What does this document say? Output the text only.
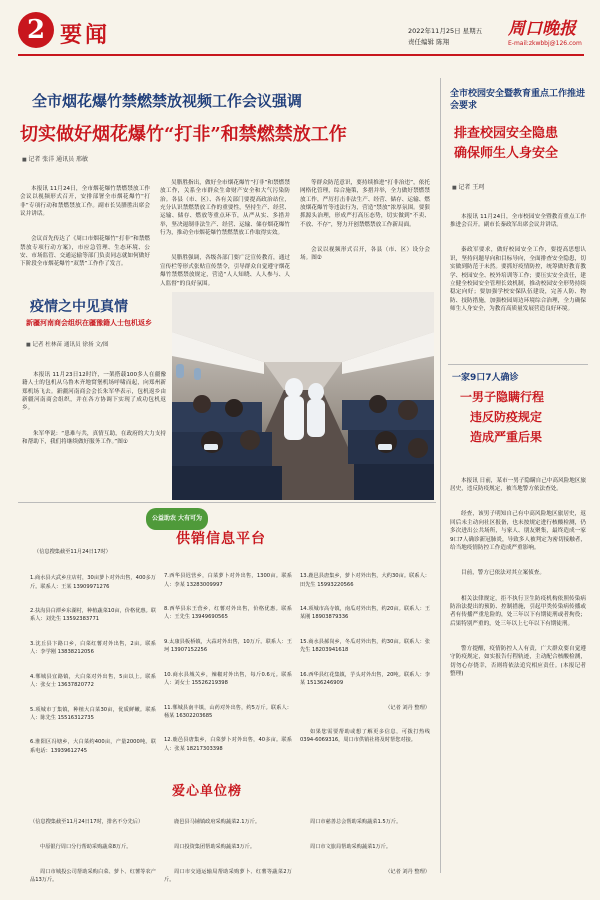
2 要闻	2022年11月25日 星期五
责任编辑 陈翔
周口晚报
E-mail:zkwbbj@126.com
全市烟花爆竹禁燃禁放视频工作会议强调
切实做好烟花爆竹“打非”和禁燃禁放工作
■ 记者 张洋 通讯员 邢敏

本报讯 11月24日，全市烟花爆竹禁燃禁放工作会议以视频形式召开，安排部署全市烟花爆竹“打非”专项行动和禁燃禁放工作。副市长吴腊胜出席会议并讲话。

会议首先传达了《周口市烟花爆竹“打非”和禁燃禁放专项行动方案》，市应急管理、生态环境、公安、市场监管、交通运输等部门负责同志就如何做好下阶段全市烟花爆竹“双禁”工作作了发言。

吴腊胜指出，做好全市烟花爆竹“打非”和禁燃禁放工作，关系全市群众生命财产安全和大气污染防治。各县（市、区）、各有关部门要提高政治站位，充分认识禁燃禁放工作的重要性，坚持生产、经营、运输、储存、燃放等重点环节，从严从实、多措并举，坚决遏制非法生产、经营、运输、储存烟花爆竹行为，推动全市烟花爆竹禁燃禁放工作取得实效。

吴腊胜强调，各级各部门要广泛宣传教育，通过宣传栏等形式张贴宣传禁令，引导群众自觉遵守烟花爆竹禁燃禁放规定，营造“人人知晓、人人参与、人人监督”的良好氛围。

等群众防范意识，要持续推进“打非治违”，依托网格化管理，综合施策，多措并举，全力做好禁燃禁放工作，严厉打击非法生产、经营、储存、运输、燃放烟花爆竹等违法行为，营造“禁放”浓厚氛围。要狠抓源头治理，形成严打高压态势，切实做到“不卖、不放、不存”，努力开创禁燃禁放工作新局面。

会议以视频形式召开，各县（市、区）设分会场。图②

全市校园安全暨教育重点工作推进会要求
排查校园安全隐患
确保师生人身安全
■ 记者 王珂

本报讯 11月24日，全市校园安全暨教育重点工作推进会召开。副市长秦政军出席会议并讲话。

秦政军要求，做好校园安全工作，要提高思想认识，坚持问题导向和目标导向，全面排查安全隐患，切实做到防范于未然。要抓好疫情防控，统筹做好教育教学、校园安全、校外培训等工作；要压实安全责任，建立健全校园安全管理长效机制，推动校园安全形势持续稳定向好；要加强学校安保队伍建设，完善人防、物防、技防措施，加强校园周边环境综合治理，全力确保师生人身安全，为教育高质量发展营造良好环境。

疫情之中见真情
新疆河南商会组织在疆豫籍人士包机返乡
■ 记者 杜林苗 通讯员 徐扬 文/图

本报讯 11月23日12时许，一架搭载100多人在疆豫籍人士的包机从乌鲁木齐地窝堡机场呼啸而起，向郑州新郑机场飞去。新疆河南商会会长朱军华表示，包机返乡由新疆河南商会组织，并在各方协调下实现了成功包机返乡。

朱军华说：“患难与共，真情互助，在政府的大力支持和帮助下，我们将继续做好服务工作。”图①

一家9口7人确诊
一男子隐瞒行程
违反防疫规定
造成严重后果

本报讯 日前，某市一男子隐瞒自己中高风险地区旅居史，违反防疫规定，被当地警方依法查处。

经查，该男子明知自己有中高风险地区旅居史，返回后未主动向社区报备，也未按规定进行核酸检测，仍多次进出公共场所，与家人、朋友聚集，最终造成一家9口7人确诊新冠肺炎，导致多人被判定为密切接触者，给当地疫情防控工作造成严重影响。

目前，警方已依法对其立案侦查。

相关法律规定，拒不执行卫生防疫机构依照传染病防治法提出的预防、控制措施，引起甲类传染病传播或者有传播严重危险的，处三年以下有期徒刑或者拘役；后果特别严重的，处三年以上七年以下有期徒刑。

警方提醒，疫情防控人人有责，广大群众要自觉遵守防疫规定，如实报告行程轨迹，主动配合核酸检测，切勿心存侥幸，否则将依法追究相应责任。(本报记者 整理)

公益助农 大有可为
供销信息平台
（信息搜集截至11月24日17时）

1.商水县大武乡庄店村，30亩萝卜对外出售，400多万斤。联系人：王某 13909971276

2.扶沟县白潭乡东湖村，种植蔬菜10亩，价格优惠。联系人：刘先生 13592383771

3.沈丘县卞路口乡，白菜红薯对外出售，2亩。联系人：李学刚 13838212056

4.郸城县宜路镇，大白菜对外出售，5亩以上。联系人：张女士 13637820772

5.项城市丁集镇，种植大白菜30亩，优质鲜嫩。联系人：陈先生 15516312735

6.淮阳区冯塘乡，大白菜约400亩，产量2000吨。联系电话：13939612745

7.西华县迟营乡，白菜萝卜对外出售，1300亩。联系人：李某 13283009997

8.西华县东王营乡，红薯对外出售，价格优惠。联系人：王先生 13949690565

9.太康县板桥镇，大蒜对外出售，10万斤。联系人：王珂 13907152256

10.商水县城关乡，辣椒对外出售，每斤0.6元。联系人：刘女士 15526219398

11.郸城县南丰镇，山药对外出售，约5万斤。联系人：杨某 16302203685

12.鹿邑县唐集乡，白菜萝卜对外出售，40多亩。联系人：张某 18217303398

13.鹿邑县唐集乡，萝卜对外出售，大约30亩。联系人：田先生 15993220566

14.项城市高寺镇，南瓜对外出售，约20亩。联系人：王某刚 18903879336

15.商水县郝岗乡，冬瓜对外出售，约30亩。联系人：张先生 18203941618

16.西华县红花集镇，芋头对外出售，20吨。联系人：李某 15136246909

（记者 刘丹 整理）

如果您需要帮助或想了解更多信息，可拨打热线0394-6069316，周口市供销社将及时帮您对接。

爱心单位榜

（信息搜集截至11月24日17时，排名不分先后）

中原银行周口分行帮助采购蔬菜8万斤。

周口市城投公司帮助采购白菜、萝卜、红薯等农产品13万斤。

鹿邑县马铺镇政府采购蔬菜2.1万斤。

周口投资集团帮助采购蔬菜3万斤。

周口市交通运输局帮助采购萝卜、红薯等蔬菜2万斤。

周口市慈善总会帮助采购蔬菜1.5万斤。

周口市文旅局帮助采购蔬菜1万斤。

（记者 刘丹 整理）
